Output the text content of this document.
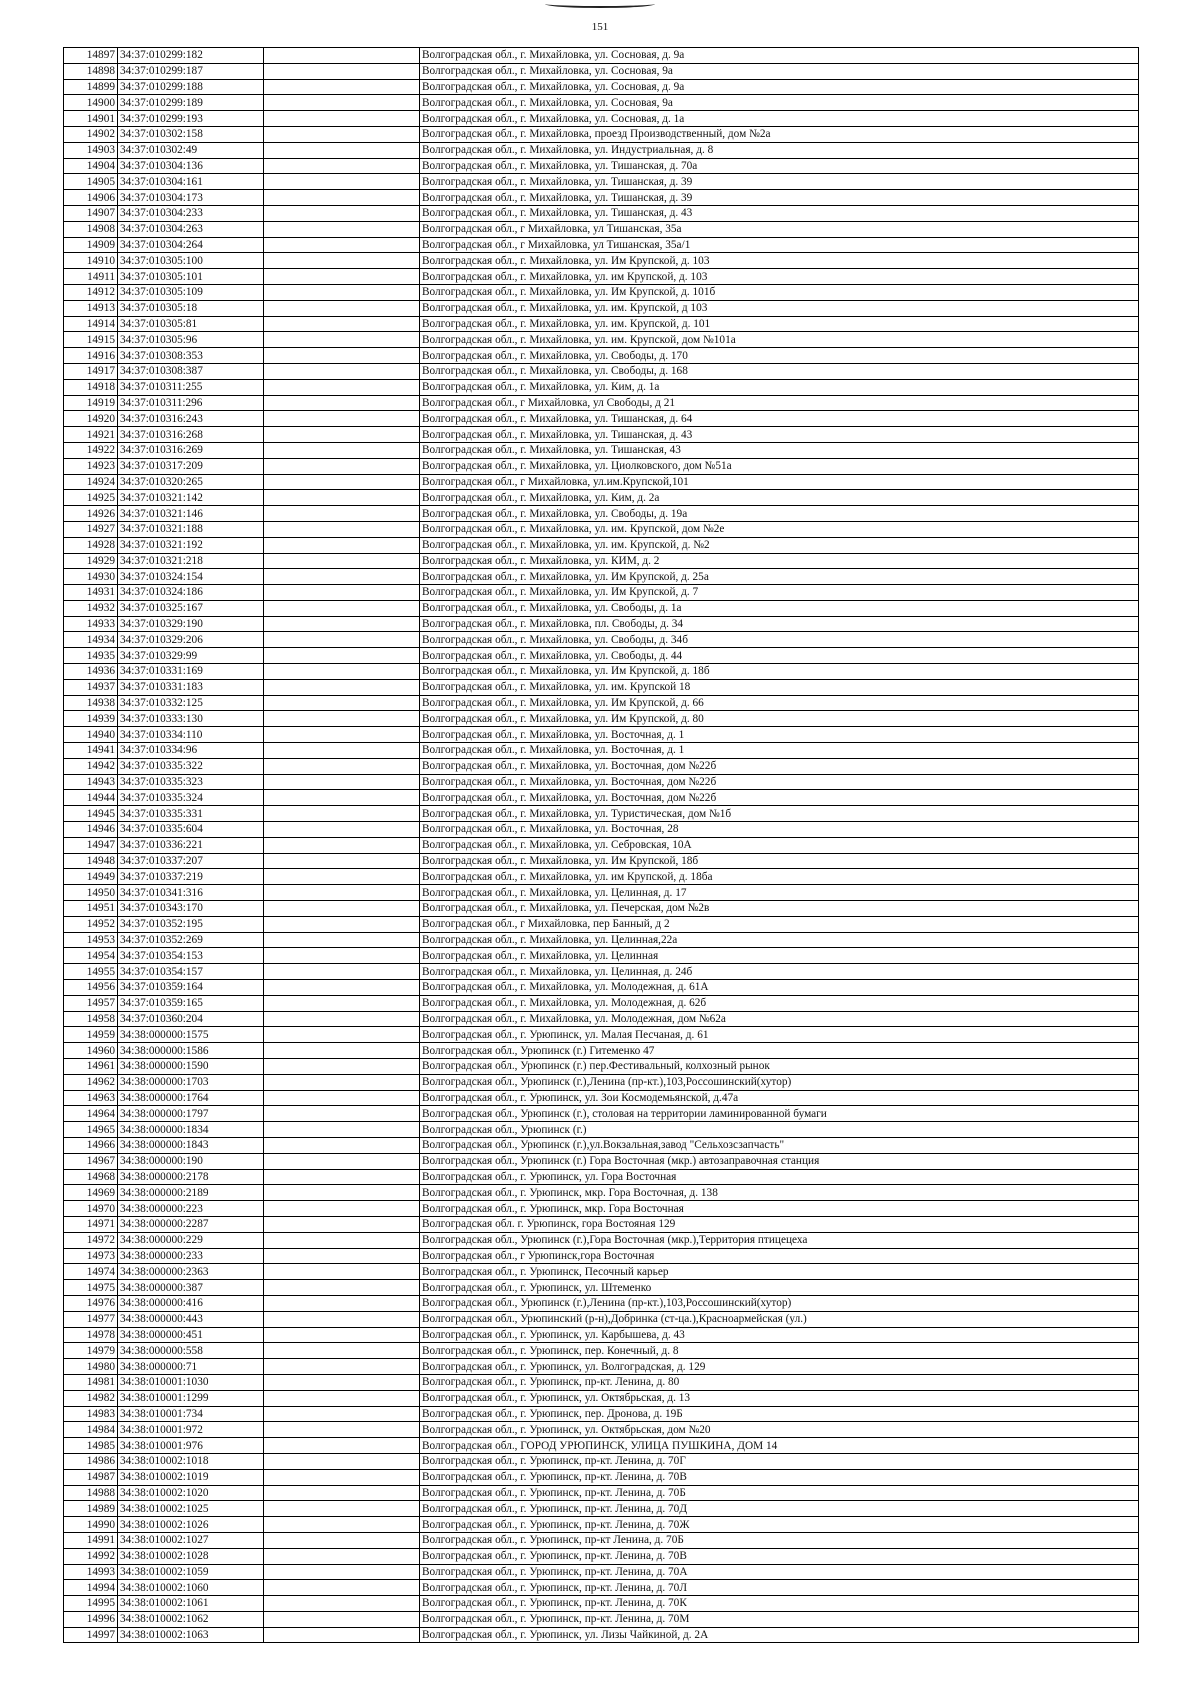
151
14897	34:37:010299:182		Волгоградская обл., г. Михайловка, ул. Сосновая, д. 9а
14898	34:37:010299:187		Волгоградская обл., г. Михайловка, ул. Сосновая, 9а
14899	34:37:010299:188		Волгоградская обл., г. Михайловка, ул. Сосновая, д. 9а
14900	34:37:010299:189		Волгоградская обл., г. Михайловка, ул. Сосновая, 9а
14901	34:37:010299:193		Волгоградская обл., г. Михайловка, ул. Сосновая, д. 1а
14902	34:37:010302:158		Волгоградская обл., г. Михайловка, проезд Производственный, дом №2а
14903	34:37:010302:49		Волгоградская обл., г. Михайловка, ул. Индустриальная, д. 8
14904	34:37:010304:136		Волгоградская обл., г. Михайловка, ул. Тишанская, д. 70а
14905	34:37:010304:161		Волгоградская обл., г. Михайловка, ул. Тишанская, д. 39
14906	34:37:010304:173		Волгоградская обл., г. Михайловка, ул. Тишанская, д. 39
14907	34:37:010304:233		Волгоградская обл., г. Михайловка, ул. Тишанская, д. 43
14908	34:37:010304:263		Волгоградская обл., г Михайловка, ул Тишанская, 35а
14909	34:37:010304:264		Волгоградская обл., г Михайловка, ул Тишанская, 35а/1
14910	34:37:010305:100		Волгоградская обл., г. Михайловка, ул. Им Крупской, д. 103
14911	34:37:010305:101		Волгоградская обл., г. Михайловка, ул. им Крупской, д. 103
14912	34:37:010305:109		Волгоградская обл., г. Михайловка, ул. Им Крупской, д. 101б
14913	34:37:010305:18		Волгоградская обл., г. Михайловка, ул. им. Крупской, д 103
14914	34:37:010305:81		Волгоградская обл., г. Михайловка, ул. им. Крупской, д. 101
14915	34:37:010305:96		Волгоградская обл., г. Михайловка, ул. им. Крупской, дом №101а
14916	34:37:010308:353		Волгоградская обл., г. Михайловка, ул. Свободы, д. 170
14917	34:37:010308:387		Волгоградская обл., г. Михайловка, ул. Свободы, д. 168
14918	34:37:010311:255		Волгоградская обл., г. Михайловка, ул. Ким, д. 1а
14919	34:37:010311:296		Волгоградская обл., г Михайловка, ул Свободы, д 21
14920	34:37:010316:243		Волгоградская обл., г. Михайловка, ул. Тишанская, д. 64
14921	34:37:010316:268		Волгоградская обл., г. Михайловка, ул. Тишанская, д. 43
14922	34:37:010316:269		Волгоградская обл., г. Михайловка, ул. Тишанская, 43
14923	34:37:010317:209		Волгоградская обл., г. Михайловка, ул. Циолковского, дом №51а
14924	34:37:010320:265		Волгоградская обл., г Михайловка, ул.им.Крупской,101
14925	34:37:010321:142		Волгоградская обл., г. Михайловка, ул. Ким, д. 2а
14926	34:37:010321:146		Волгоградская обл., г. Михайловка, ул. Свободы, д. 19а
14927	34:37:010321:188		Волгоградская обл., г. Михайловка, ул. им. Крупской, дом №2е
14928	34:37:010321:192		Волгоградская обл., г. Михайловка, ул. им. Крупской, д. №2
14929	34:37:010321:218		Волгоградская обл., г. Михайловка, ул. КИМ, д. 2
14930	34:37:010324:154		Волгоградская обл., г. Михайловка, ул. Им Крупской, д. 25а
14931	34:37:010324:186		Волгоградская обл., г. Михайловка, ул. Им Крупской, д. 7
14932	34:37:010325:167		Волгоградская обл., г. Михайловка, ул. Свободы, д. 1а
14933	34:37:010329:190		Волгоградская обл., г. Михайловка, пл. Свободы, д. 34
14934	34:37:010329:206		Волгоградская обл., г. Михайловка, ул. Свободы, д. 34б
14935	34:37:010329:99		Волгоградская обл., г. Михайловка, ул. Свободы, д. 44
14936	34:37:010331:169		Волгоградская обл., г. Михайловка, ул. Им Крупской, д. 18б
14937	34:37:010331:183		Волгоградская обл., г. Михайловка, ул. им. Крупской 18
14938	34:37:010332:125		Волгоградская обл., г. Михайловка, ул. Им Крупской, д. 66
14939	34:37:010333:130		Волгоградская обл., г. Михайловка, ул. Им Крупской, д. 80
14940	34:37:010334:110		Волгоградская обл., г. Михайловка, ул. Восточная, д. 1
14941	34:37:010334:96		Волгоградская обл., г. Михайловка, ул. Восточная, д. 1
14942	34:37:010335:322		Волгоградская обл., г. Михайловка, ул. Восточная, дом №22б
14943	34:37:010335:323		Волгоградская обл., г. Михайловка, ул. Восточная, дом №22б
14944	34:37:010335:324		Волгоградская обл., г. Михайловка, ул. Восточная, дом №22б
14945	34:37:010335:331		Волгоградская обл., г. Михайловка, ул. Туристическая, дом №1б
14946	34:37:010335:604		Волгоградская обл., г. Михайловка, ул. Восточная, 28
14947	34:37:010336:221		Волгоградская обл., г. Михайловка, ул. Себровская, 10А
14948	34:37:010337:207		Волгоградская обл., г. Михайловка, ул. Им Крупской, 18б
14949	34:37:010337:219		Волгоградская обл., г. Михайловка, ул. им Крупской, д. 18ба
14950	34:37:010341:316		Волгоградская обл., г. Михайловка, ул. Целинная, д. 17
14951	34:37:010343:170		Волгоградская обл., г. Михайловка, ул. Печерская, дом №2в
14952	34:37:010352:195		Волгоградская обл., г Михайловка, пер Банный, д 2
14953	34:37:010352:269		Волгоградская обл., г. Михайловка, ул. Целинная,22а
14954	34:37:010354:153		Волгоградская обл., г. Михайловка, ул. Целинная
14955	34:37:010354:157		Волгоградская обл., г. Михайловка, ул. Целинная, д. 24б
14956	34:37:010359:164		Волгоградская обл., г. Михайловка, ул. Молодежная, д. 61А
14957	34:37:010359:165		Волгоградская обл., г. Михайловка, ул. Молодежная, д. 62б
14958	34:37:010360:204		Волгоградская обл., г. Михайловка, ул. Молодежная, дом №62а
14959	34:38:000000:1575		Волгоградская обл., г. Урюпинск, ул. Малая Песчаная, д. 61
14960	34:38:000000:1586		Волгоградская обл., Урюпинск (г.) Гитеменко 47
14961	34:38:000000:1590		Волгоградская обл., Урюпинск (г.) пер.Фестивальный, колхозный рынок
14962	34:38:000000:1703		Волгоградская обл., Урюпинск (г.),Ленина (пр-кт.),103,Россошинский(хутор)
14963	34:38:000000:1764		Волгоградская обл., г. Урюпинск, ул. Зои Космодемьянской, д.47а
14964	34:38:000000:1797		Волгоградская обл., Урюпинск (г.), столовая на территории ламинированной бумаги
14965	34:38:000000:1834		Волгоградская обл., Урюпинск (г.)
14966	34:38:000000:1843		Волгоградская обл., Урюпинск (г.),ул.Вокзальная,завод "Сельхозсзапчасть"
14967	34:38:000000:190		Волгоградская обл., Урюпинск (г.) Гора Восточная (мкр.) автозаправочная станция
14968	34:38:000000:2178		Волгоградская обл., г. Урюпинск, ул. Гора Восточная
14969	34:38:000000:2189		Волгоградская обл., г. Урюпинск, мкр. Гора Восточная, д. 138
14970	34:38:000000:223		Волгоградская обл., г. Урюпинск, мкр. Гора Восточная
14971	34:38:000000:2287		Волгоградская обл. г. Урюпинск, гора Востояная 129
14972	34:38:000000:229		Волгоградская обл., Урюпинск (г.),Гора Восточная (мкр.),Территория птицецеха
14973	34:38:000000:233		Волгоградская обл., г Урюпинск,гора Восточная
14974	34:38:000000:2363		Волгоградская обл., г. Урюпинск, Песочный карьер
14975	34:38:000000:387		Волгоградская обл., г. Урюпинск, ул. Штеменко
14976	34:38:000000:416		Волгоградская обл., Урюпинск (г.),Ленина (пр-кт.),103,Россошинский(хутор)
14977	34:38:000000:443		Волгоградская обл., Урюпинский (р-н),Добринка (ст-ца.),Красноармейская (ул.)
14978	34:38:000000:451		Волгоградская обл., г. Урюпинск, ул. Карбышева, д. 43
14979	34:38:000000:558		Волгоградская обл., г. Урюпинск, пер. Конечный, д. 8
14980	34:38:000000:71		Волгоградская обл., г. Урюпинск, ул. Волгоградская, д. 129
14981	34:38:010001:1030		Волгоградская обл., г. Урюпинск, пр-кт. Ленина, д. 80
14982	34:38:010001:1299		Волгоградская обл., г. Урюпинск, ул. Октябрьская, д. 13
14983	34:38:010001:734		Волгоградская обл., г. Урюпинск, пер. Дронова, д. 19Б
14984	34:38:010001:972		Волгоградская обл., г. Урюпинск, ул. Октябрьская, дом №20
14985	34:38:010001:976		Волгоградская обл., ГОРОД УРЮПИНСК, УЛИЦА ПУШКИНА, ДОМ 14
14986	34:38:010002:1018		Волгоградская обл., г. Урюпинск, пр-кт. Ленина, д. 70Г
14987	34:38:010002:1019		Волгоградская обл., г. Урюпинск, пр-кт. Ленина, д. 70В
14988	34:38:010002:1020		Волгоградская обл., г. Урюпинск, пр-кт. Ленина, д. 70Б
14989	34:38:010002:1025		Волгоградская обл., г. Урюпинск, пр-кт. Ленина, д. 70Д
14990	34:38:010002:1026		Волгоградская обл., г. Урюпинск, пр-кт. Ленина, д. 70Ж
14991	34:38:010002:1027		Волгоградская обл., г. Урюпинск, пр-кт Ленина, д. 70Б
14992	34:38:010002:1028		Волгоградская обл., г. Урюпинск, пр-кт. Ленина, д. 70В
14993	34:38:010002:1059		Волгоградская обл., г. Урюпинск, пр-кт. Ленина, д. 70А
14994	34:38:010002:1060		Волгоградская обл., г. Урюпинск, пр-кт. Ленина, д. 70Л
14995	34:38:010002:1061		Волгоградская обл., г. Урюпинск, пр-кт. Ленина, д. 70К
14996	34:38:010002:1062		Волгоградская обл., г. Урюпинск, пр-кт. Ленина, д. 70М
14997	34:38:010002:1063		Волгоградская обл., г. Урюпинск, ул. Лизы Чайкиной, д. 2А
